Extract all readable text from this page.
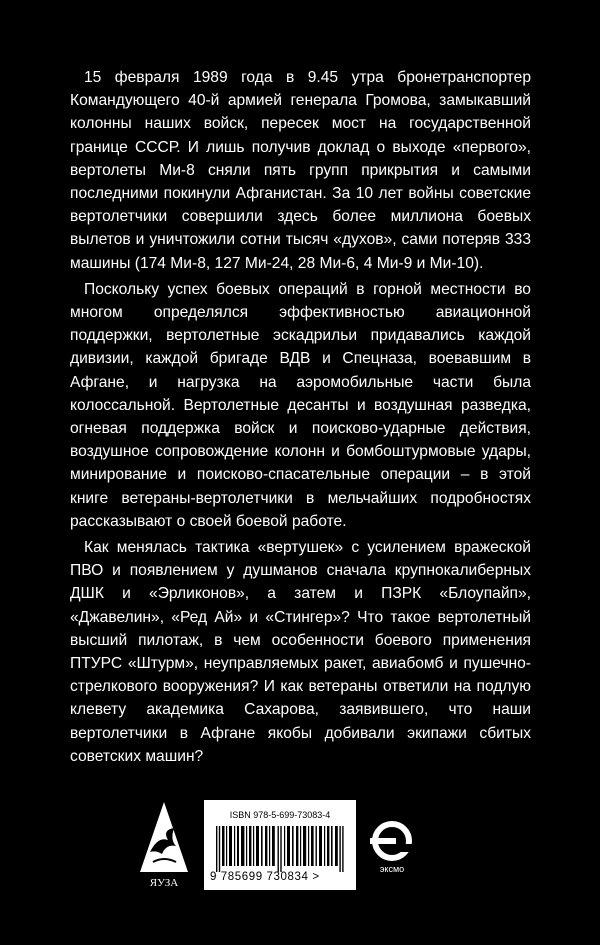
15 февраля 1989 года в 9.45 утра бронетранспортер Командующего 40-й армией генерала Громова, замыкавший колонны наших войск, пересек мост на государственной границе СССР. И лишь получив доклад о выходе «первого», вертолеты Ми-8 сняли пять групп прикрытия и самыми последними покинули Афганистан. За 10 лет войны советские вертолетчики совершили здесь более миллиона боевых вылетов и уничтожили сотни тысяч «духов», сами потеряв 333 машины (174 Ми-8, 127 Ми-24, 28 Ми-6, 4 Ми-9 и Ми-10).

Поскольку успех боевых операций в горной местности во многом определялся эффективностью авиационной поддержки, вертолетные эскадрильи придавались каждой дивизии, каждой бригаде ВДВ и Спецназа, воевавшим в Афгане, и нагрузка на аэромобильные части была колоссальной. Вертолетные десанты и воздушная разведка, огневая поддержка войск и поисково-ударные действия, воздушное сопровождение колонн и бомбоштурмовые удары, минирование и поисково-спасательные операции – в этой книге ветераны-вертолетчики в мельчайших подробностях рассказывают о своей боевой работе.

Как менялась тактика «вертушек» с усилением вражеской ПВО и появлением у душманов сначала крупнокалиберных ДШК и «Эрликонов», а затем и ПЗРК «Блоупайп», «Джавелин», «Ред Ай» и «Стингер»? Что такое вертолетный высший пилотаж, в чем особенности боевого применения ПТУРС «Штурм», неуправляемых ракет, авиабомб и пушечно-стрелкового вооружения? И как ветераны ответили на подлую клевету академика Сахарова, заявившего, что наши вертолетчики в Афгане якобы добивали экипажи сбитых советских машин?

ЯУЗА
ISBN 978-5-699-73083-4
9 785699 730834 >
эксмо
